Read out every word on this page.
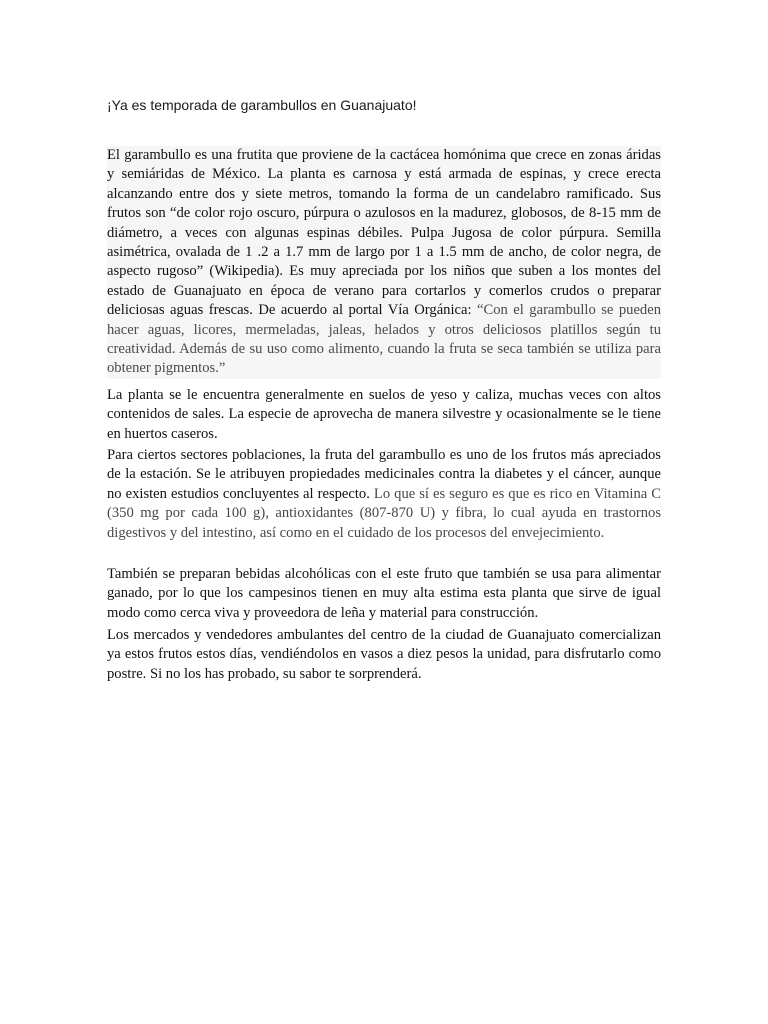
¡Ya es temporada de garambullos en Guanajuato!
El garambullo es una frutita que proviene de la cactácea homónima que crece en zonas áridas y semiáridas de México. La planta es carnosa y está armada de espinas, y crece erecta alcanzando entre dos y siete metros, tomando la forma de un candelabro ramificado. Sus frutos son “de color rojo oscuro, púrpura o azulosos en la madurez, globosos, de 8-15 mm de diámetro, a veces con algunas espinas débiles. Pulpa Jugosa de color púrpura. Semilla asimétrica, ovalada de 1 .2 a 1.7 mm de largo por 1 a 1.5 mm de ancho, de color negra, de aspecto rugoso” (Wikipedia). Es muy apreciada por los niños que suben a los montes del estado de Guanajuato en época de verano para cortarlos y comerlos crudos o preparar deliciosas aguas frescas. De acuerdo al portal Vía Orgánica: “Con el garambullo se pueden hacer aguas, licores, mermeladas, jaleas, helados y otros deliciosos platillos según tu creatividad. Además de su uso como alimento, cuando la fruta se seca también se utiliza para obtener pigmentos.”
La planta se le encuentra generalmente en suelos de yeso y caliza, muchas veces con altos contenidos de sales. La especie de aprovecha de manera silvestre y ocasionalmente se le tiene en huertos caseros.
Para ciertos sectores poblaciones, la fruta del garambullo es uno de los frutos más apreciados de la estación. Se le atribuyen propiedades medicinales contra la diabetes y el cáncer, aunque no existen estudios concluyentes al respecto. Lo que sí es seguro es que es rico en Vitamina C (350 mg por cada 100 g), antioxidantes (807-870 U) y fibra, lo cual ayuda en trastornos digestivos y del intestino, así como en el cuidado de los procesos del envejecimiento.
También se preparan bebidas alcohólicas con el este fruto que también se usa para alimentar ganado, por lo que los campesinos tienen en muy alta estima esta planta que sirve de igual modo como cerca viva y proveedora de leña y material para construcción.
Los mercados y vendedores ambulantes del centro de la ciudad de Guanajuato comercializan ya estos frutos estos días, vendiéndolos en vasos a diez pesos la unidad, para disfrutarlo como postre. Si no los has probado, su sabor te sorprenderá.
